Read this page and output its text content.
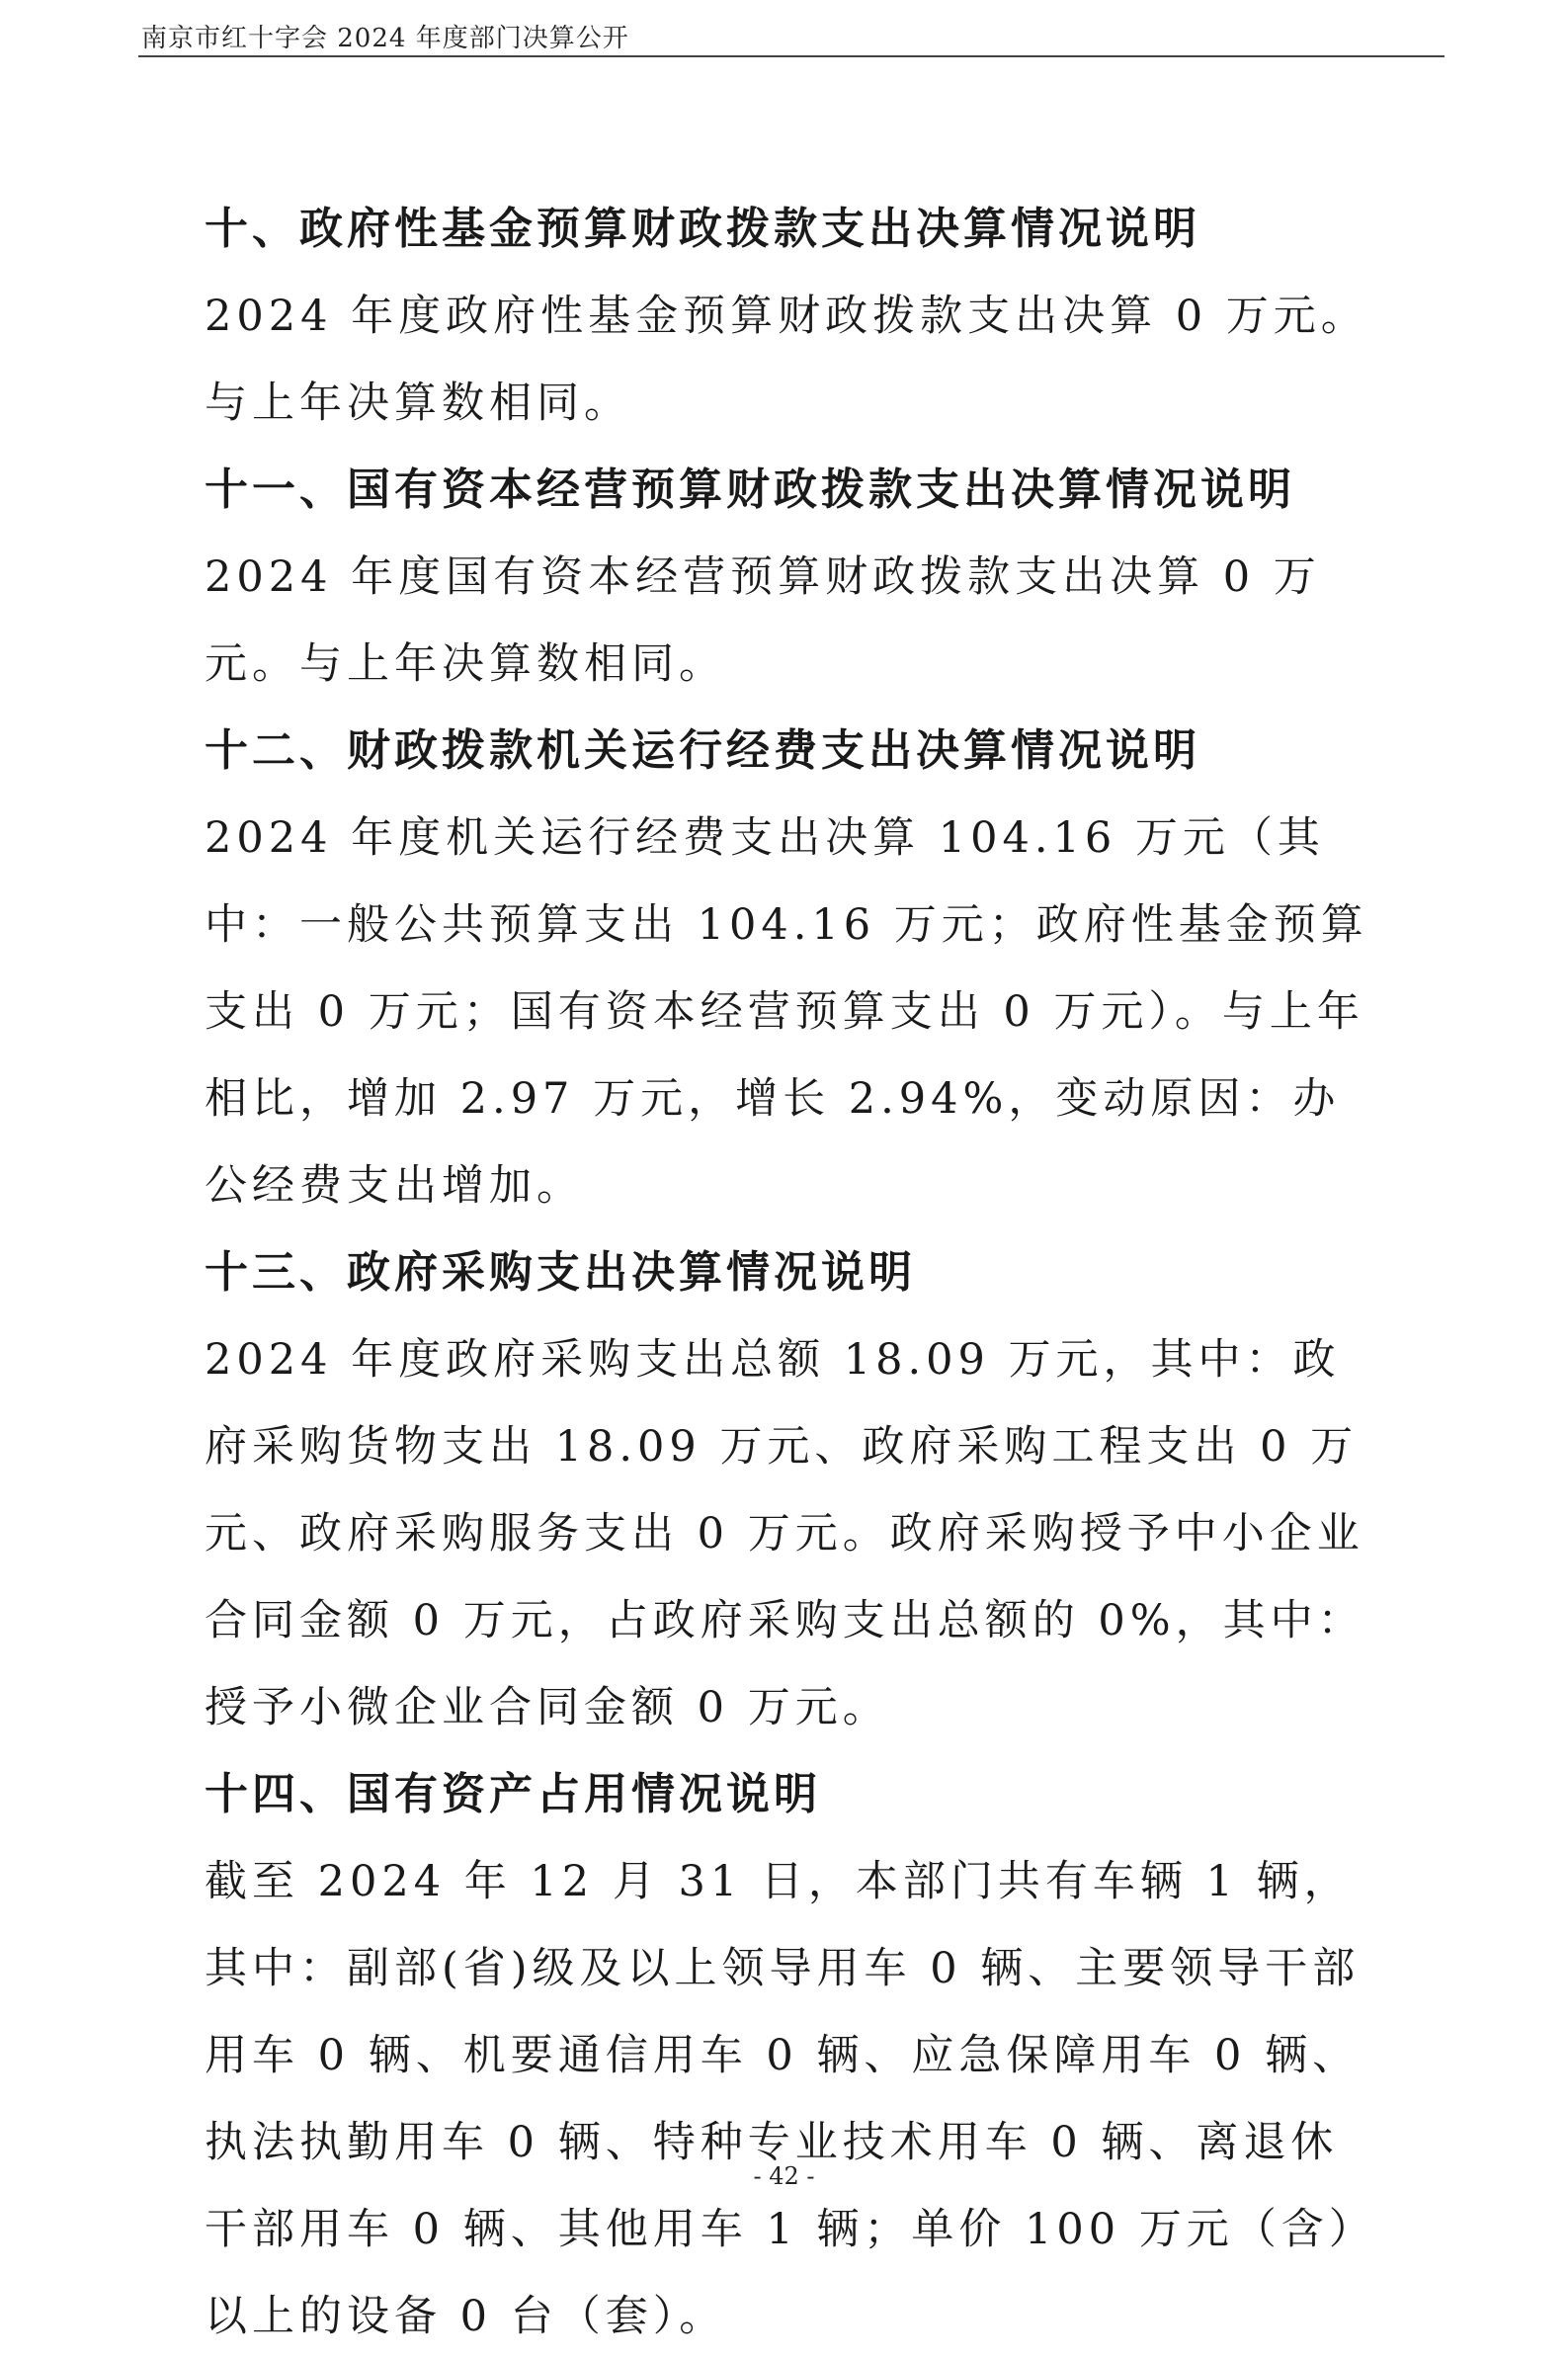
南京市红十字会 2024 年度部门决算公开
十、政府性基金预算财政拨款支出决算情况说明

2024 年度政府性基金预算财政拨款支出决算 0 万元。与上年决算数相同。

十一、国有资本经营预算财政拨款支出决算情况说明

2024 年度国有资本经营预算财政拨款支出决算 0 万元。与上年决算数相同。

十二、财政拨款机关运行经费支出决算情况说明

2024 年度机关运行经费支出决算 104.16 万元（其中：一般公共预算支出 104.16 万元；政府性基金预算支出 0 万元；国有资本经营预算支出 0 万元）。与上年相比，增加 2.97 万元，增长 2.94%，变动原因：办公经费支出增加。

十三、政府采购支出决算情况说明

2024 年度政府采购支出总额 18.09 万元，其中：政府采购货物支出 18.09 万元、政府采购工程支出 0 万元、政府采购服务支出 0 万元。政府采购授予中小企业合同金额 0 万元，占政府采购支出总额的 0%，其中：授予小微企业合同金额 0 万元。

十四、国有资产占用情况说明

截至 2024 年 12 月 31 日，本部门共有车辆 1 辆，其中：副部(省)级及以上领导用车 0 辆、主要领导干部用车 0 辆、机要通信用车 0 辆、应急保障用车 0 辆、执法执勤用车 0 辆、特种专业技术用车 0 辆、离退休干部用车 0 辆、其他用车 1 辆；单价 100 万元（含）以上的设备 0 台（套）。

- 42 -
